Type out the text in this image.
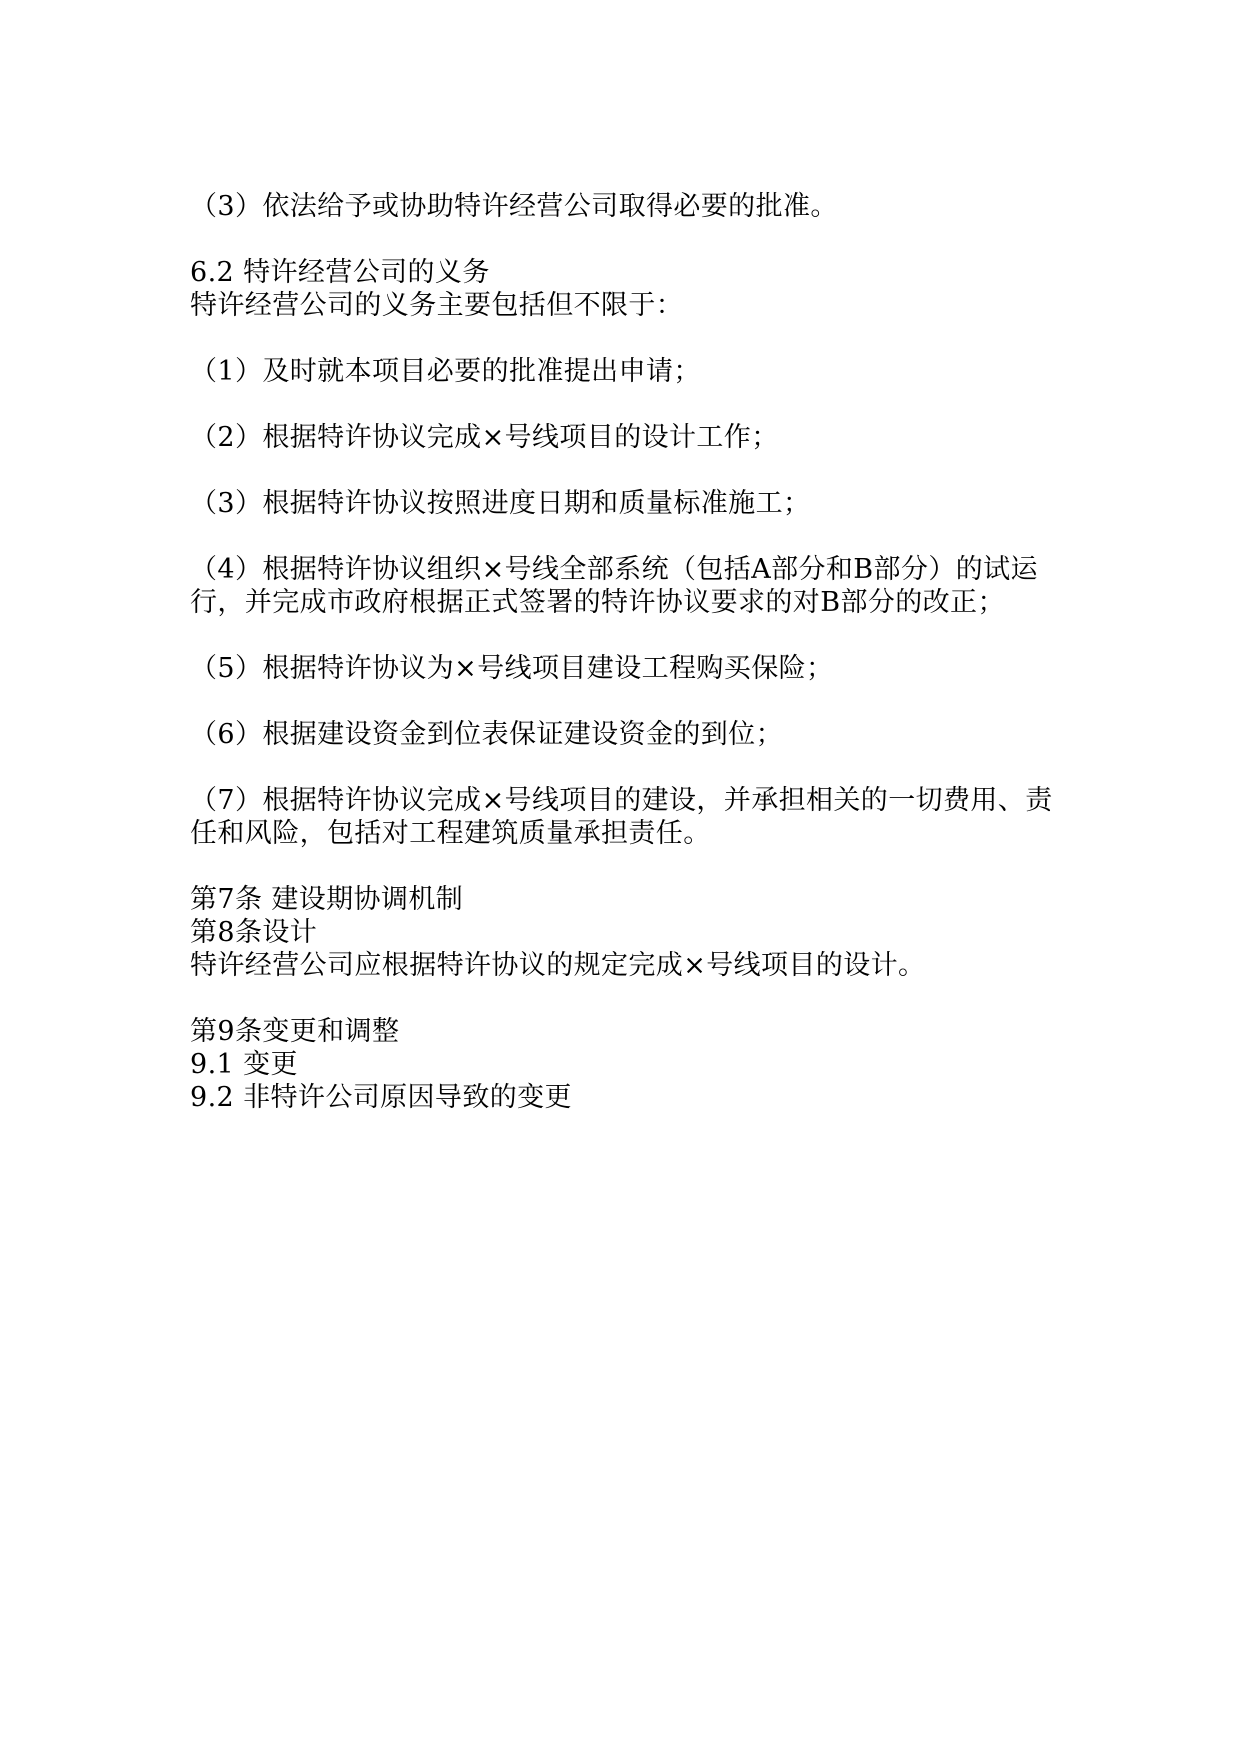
（3）依法给予或协助特许经营公司取得必要的批准。

6.2 特许经营公司的义务

特许经营公司的义务主要包括但不限于：

（1）及时就本项目必要的批准提出申请；

（2）根据特许协议完成×号线项目的设计工作；

（3）根据特许协议按照进度日期和质量标准施工；

（4）根据特许协议组织×号线全部系统（包括A部分和B部分）的试运行，并完成市政府根据正式签署的特许协议要求的对B部分的改正；

（5）根据特许协议为×号线项目建设工程购买保险；

（6）根据建设资金到位表保证建设资金的到位；

（7）根据特许协议完成×号线项目的建设，并承担相关的一切费用、责任和风险，包括对工程建筑质量承担责任。

第7条 建设期协调机制

第8条设计

特许经营公司应根据特许协议的规定完成×号线项目的设计。

第9条变更和调整

9.1 变更

9.2 非特许公司原因导致的变更
